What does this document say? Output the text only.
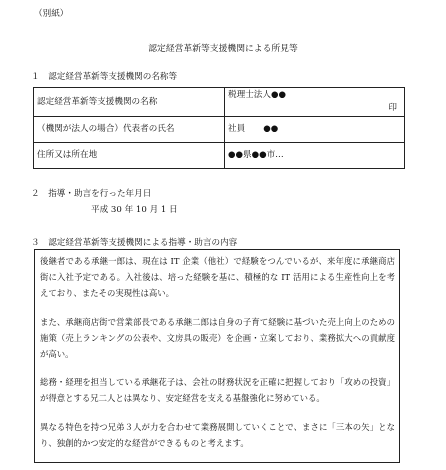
（別紙）
認定経営革新等支援機関による所見等
１　認定経営革新等支援機関の名称等
認定経営革新等支援機関の名称	税理士法人●●
印

（機関が法人の場合）代表者の氏名	社員 ●●
住所又は所在地	●●県●●市…
２　指導・助言を行った年月日
平成 30 年 10 月 1 日
３　認定経営革新等支援機関による指導・助言の内容

後継者である承継一郎は、現在は IT 企業（他社）で経験をつんでいるが、来年度に承継商店街に入社予定である。入社後は、培った経験を基に、積極的な IT 活用による生産性向上を考えており、またその実現性は高い。

また、承継商店街で営業部長である承継二郎は自身の子育て経験に基づいた売上向上のための施策（売上ランキングの公表や、文房具の販売）を企画・立案しており、業務拡大への貢献度が高い。

総務・経理を担当している承継花子は、会社の財務状況を正確に把握しており「攻めの投資」が得意とする兄二人とは異なり、安定経営を支える基盤強化に努めている。

異なる特色を持つ兄弟３人が力を合わせて業務展開していくことで、まさに「三本の矢」となり、独創的かつ安定的な経営ができるものと考えます。
